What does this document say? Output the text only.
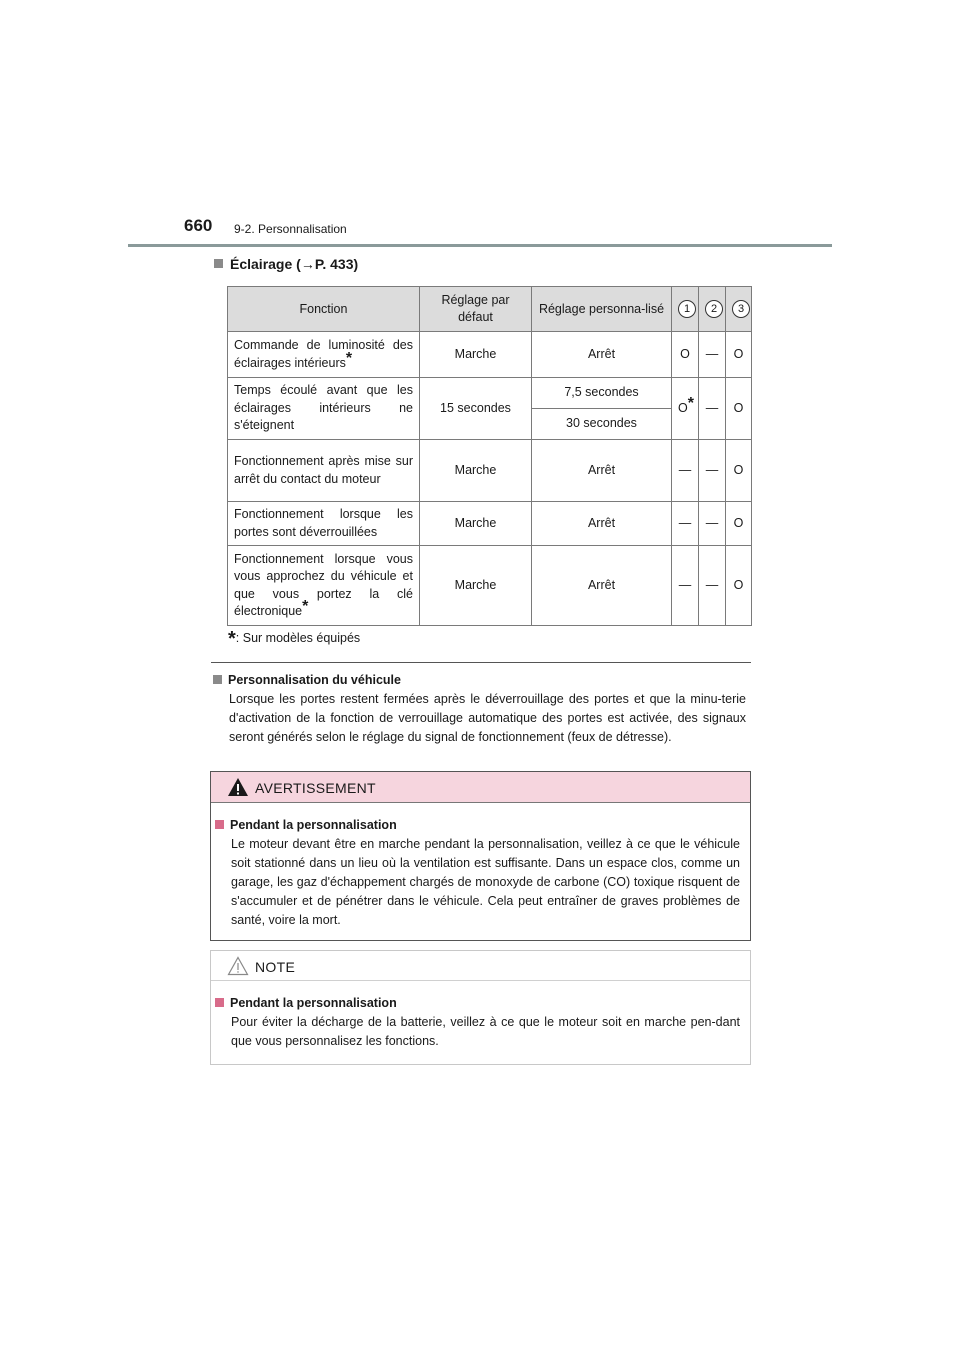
660 9-2. Personnalisation
Éclairage (→P. 433)
Fonction	Réglage par défaut	Réglage personna-lisé	1	2	3
Commande de luminosité des éclairages intérieurs*	Marche	Arrêt	O	—	O
Temps écoulé avant que les éclairages intérieurs ne s'éteignent	15 secondes	7,5 secondes	O*	—	O
		30 secondes			
Fonctionnement après mise sur arrêt du contact du moteur	Marche	Arrêt	—	—	O
Fonctionnement lorsque les portes sont déverrouillées	Marche	Arrêt	—	—	O
Fonctionnement lorsque vous vous approchez du véhicule et que vous portez la clé électronique*	Marche	Arrêt	—	—	O
*: Sur modèles équipés
Personnalisation du véhicule
Lorsque les portes restent fermées après le déverrouillage des portes et que la minu-terie d'activation de la fonction de verrouillage automatique des portes est activée, des signaux seront générés selon le réglage du signal de fonctionnement (feux de détresse).
AVERTISSEMENT
Pendant la personnalisation
Le moteur devant être en marche pendant la personnalisation, veillez à ce que le véhicule soit stationné dans un lieu où la ventilation est suffisante. Dans un espace clos, comme un garage, les gaz d'échappement chargés de monoxyde de carbone (CO) toxique risquent de s'accumuler et de pénétrer dans le véhicule. Cela peut entraîner de graves problèmes de santé, voire la mort.
NOTE
Pendant la personnalisation
Pour éviter la décharge de la batterie, veillez à ce que le moteur soit en marche pen-dant que vous personnalisez les fonctions.
